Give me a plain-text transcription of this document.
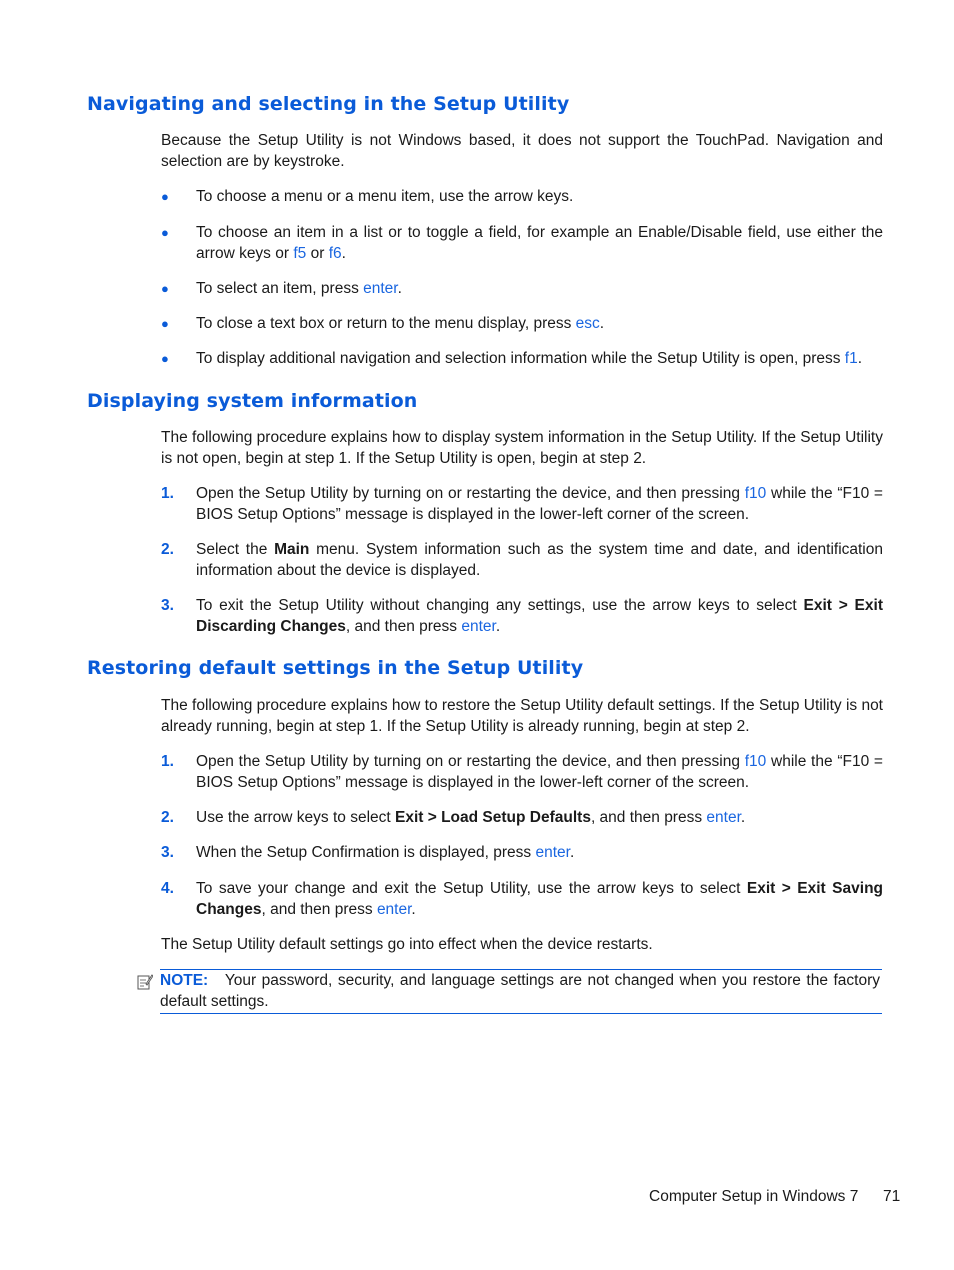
Navigating and selecting in the Setup Utility

Because the Setup Utility is not Windows based, it does not support the TouchPad. Navigation and selection are by keystroke.

● To choose a menu or a menu item, use the arrow keys.
● To choose an item in a list or to toggle a field, for example an Enable/Disable field, use either the arrow keys or f5 or f6.
● To select an item, press enter.
● To close a text box or return to the menu display, press esc.
● To display additional navigation and selection information while the Setup Utility is open, press f1.
Displaying system information

The following procedure explains how to display system information in the Setup Utility. If the Setup Utility is not open, begin at step 1. If the Setup Utility is open, begin at step 2.

1. Open the Setup Utility by turning on or restarting the device, and then pressing f10 while the “F10 = BIOS Setup Options” message is displayed in the lower-left corner of the screen.
2. Select the Main menu. System information such as the system time and date, and identification information about the device is displayed.
3. To exit the Setup Utility without changing any settings, use the arrow keys to select Exit > Exit Discarding Changes, and then press enter.
Restoring default settings in the Setup Utility

The following procedure explains how to restore the Setup Utility default settings. If the Setup Utility is not already running, begin at step 1. If the Setup Utility is already running, begin at step 2.

1. Open the Setup Utility by turning on or restarting the device, and then pressing f10 while the “F10 = BIOS Setup Options” message is displayed in the lower-left corner of the screen.
2. Use the arrow keys to select Exit > Load Setup Defaults, and then press enter.
3. When the Setup Confirmation is displayed, press enter.
4. To save your change and exit the Setup Utility, use the arrow keys to select Exit > Exit Saving Changes, and then press enter.

The Setup Utility default settings go into effect when the device restarts.

NOTE: Your password, security, and language settings are not changed when you restore the factory default settings.
Computer Setup in Windows 7 71
